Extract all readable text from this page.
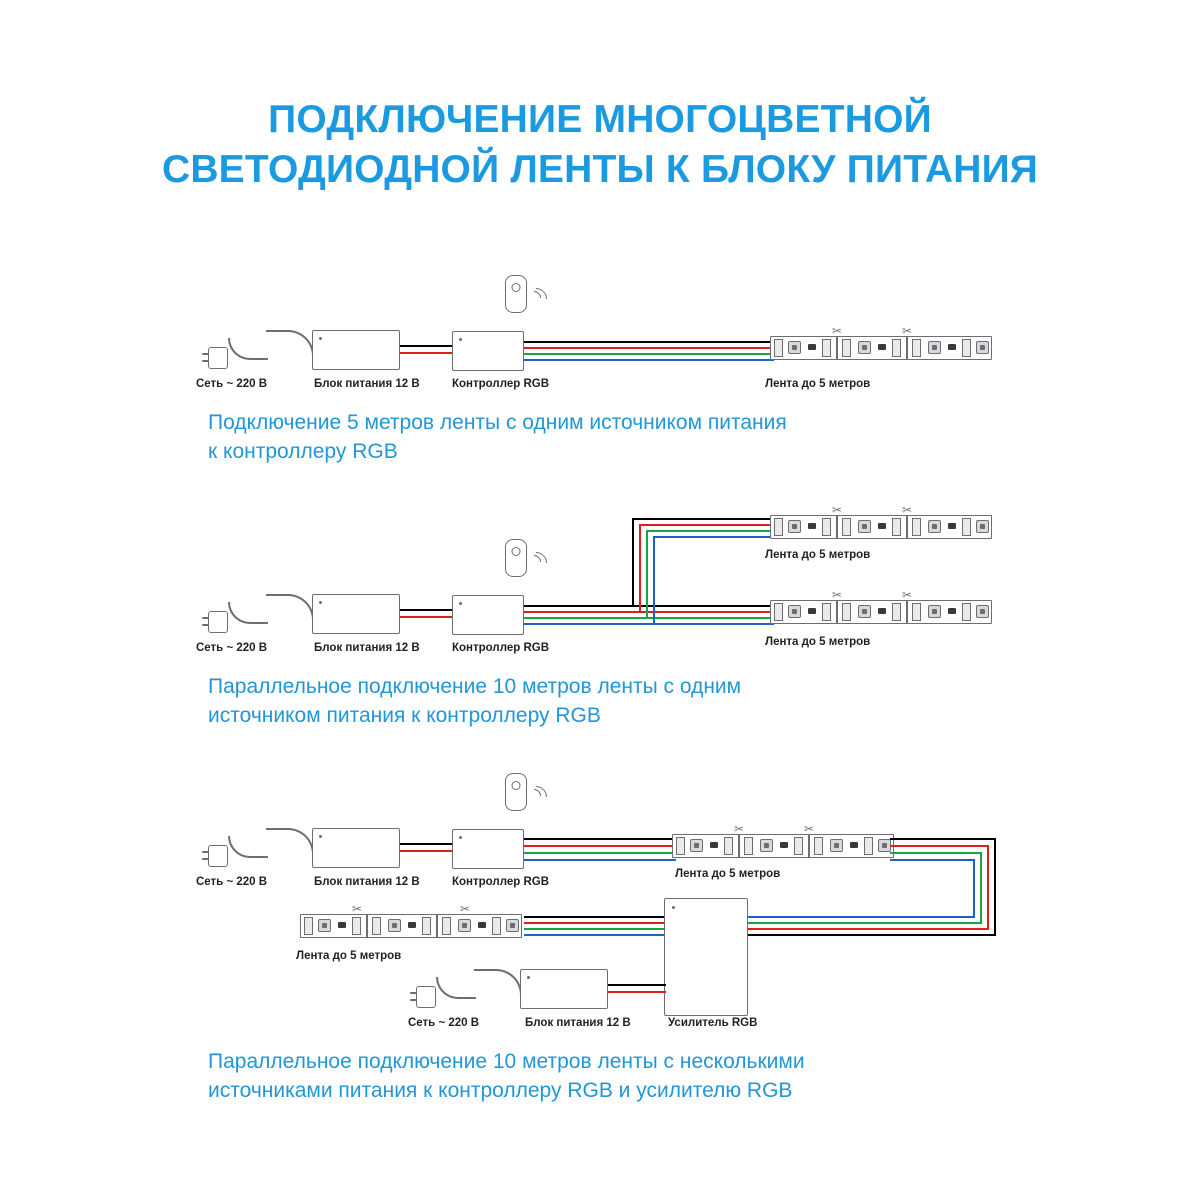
ПОДКЛЮЧЕНИЕ МНОГОЦВЕТНОЙ
СВЕТОДИОДНОЙ ЛЕНТЫ К БЛОКУ ПИТАНИЯ
✂
✂
Сеть ~ 220 В	Блок питания 12 В	Контроллер RGB	Лента до 5 метров
Подключение 5 метров ленты с одним источником питания
к контроллеру RGB
✂
✂
Лента до 5 метров
✂
✂
Сеть ~ 220 В	Блок питания 12 В	Контроллер RGB	Лента до 5 метров
Параллельное подключение 10 метров ленты с одним
источником питания к контроллеру RGB
✂
✂
Лента до 5 метров
✂
✂
Лента до 5 метров
Сеть ~ 220 В	Блок питания 12 В	Контроллер RGB
Сеть ~ 220 В	Блок питания 12 В	Усилитель RGB
Параллельное подключение 10 метров ленты с несколькими
источниками питания к контроллеру RGB и усилителю RGB
